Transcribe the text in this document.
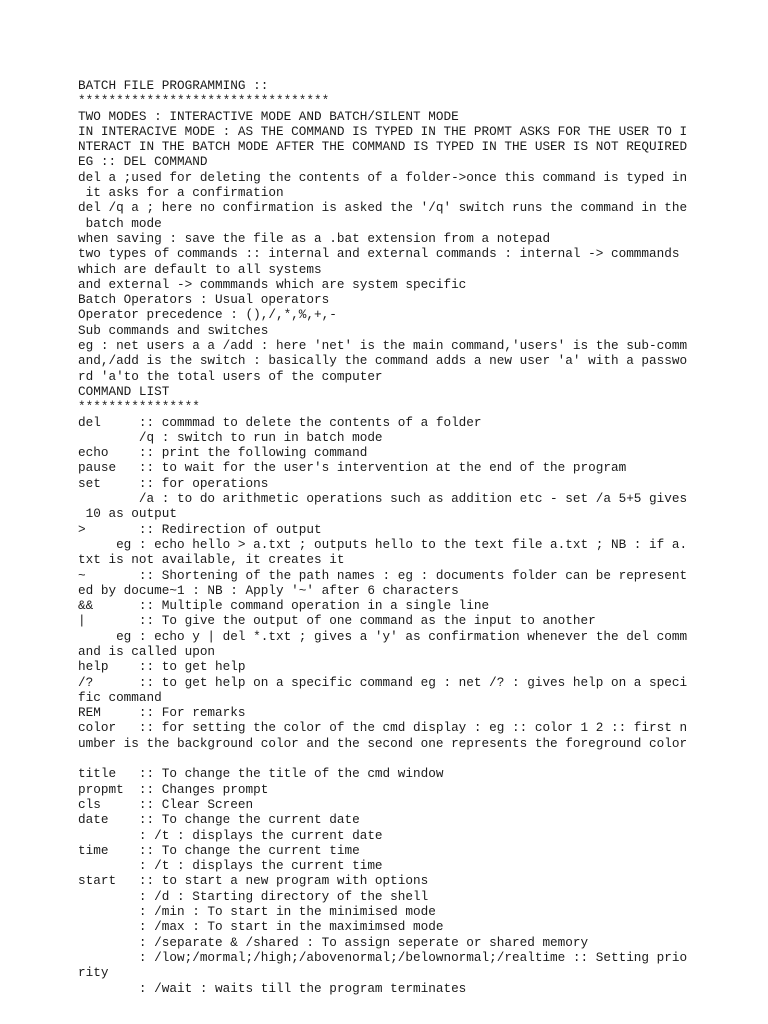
BATCH FILE PROGRAMMING ::
*********************************
TWO MODES : INTERACTIVE MODE AND BATCH/SILENT MODE
IN INTERACIVE MODE : AS THE COMMAND IS TYPED IN THE PROMT ASKS FOR THE USER TO I
NTERACT IN THE BATCH MODE AFTER THE COMMAND IS TYPED IN THE USER IS NOT REQUIRED
EG :: DEL COMMAND
del a ;used for deleting the contents of a folder->once this command is typed in
it asks for a confirmation
del /q a ; here no confirmation is asked the '/q' switch runs the command in the
batch mode
when saving : save the file as a .bat extension from a notepad
two types of commands :: internal and external commands : internal -> commmands
which are default to all systems
and external -> commmands which are system specific
Batch Operators : Usual operators
Operator precedence : (),/,*,%,+,-
Sub commands and switches
eg : net users a a /add : here 'net' is the main command,'users' is the sub-comm
and,/add is the switch : basically the command adds a new user 'a' with a passwo
rd 'a'to the total users of the computer
COMMAND LIST
****************
del     :: commmad to delete the contents of a folder
/q : switch to run in batch mode
echo    :: print the following command
pause   :: to wait for the user's intervention at the end of the program
set     :: for operations
/a : to do arithmetic operations such as addition etc - set /a 5+5 gives
10 as output
>       :: Redirection of output
eg : echo hello > a.txt ; outputs hello to the text file a.txt ; NB : if a.
txt is not available, it creates it
~       :: Shortening of the path names : eg : documents folder can be represent
ed by docume~1 : NB : Apply '~' after 6 characters
&&      :: Multiple command operation in a single line
|       :: To give the output of one command as the input to another
eg : echo y | del *.txt ; gives a 'y' as confirmation whenever the del comm
and is called upon
help    :: to get help
/?      :: to get help on a specific command eg : net /? : gives help on a speci
fic command
REM     :: For remarks
color   :: for setting the color of the cmd display : eg :: color 1 2 :: first n
umber is the background color and the second one represents the foreground color
title   :: To change the title of the cmd window
propmt  :: Changes prompt
cls     :: Clear Screen
date    :: To change the current date
: /t : displays the current date
time    :: To change the current time
: /t : displays the current time
start   :: to start a new program with options
: /d : Starting directory of the shell
: /min : To start in the minimised mode
: /max : To start in the maximimsed mode
: /separate & /shared : To assign seperate or shared memory
: /low;/mormal;/high;/abovenormal;/belownormal;/realtime :: Setting prio
rity
: /wait : waits till the program terminates
